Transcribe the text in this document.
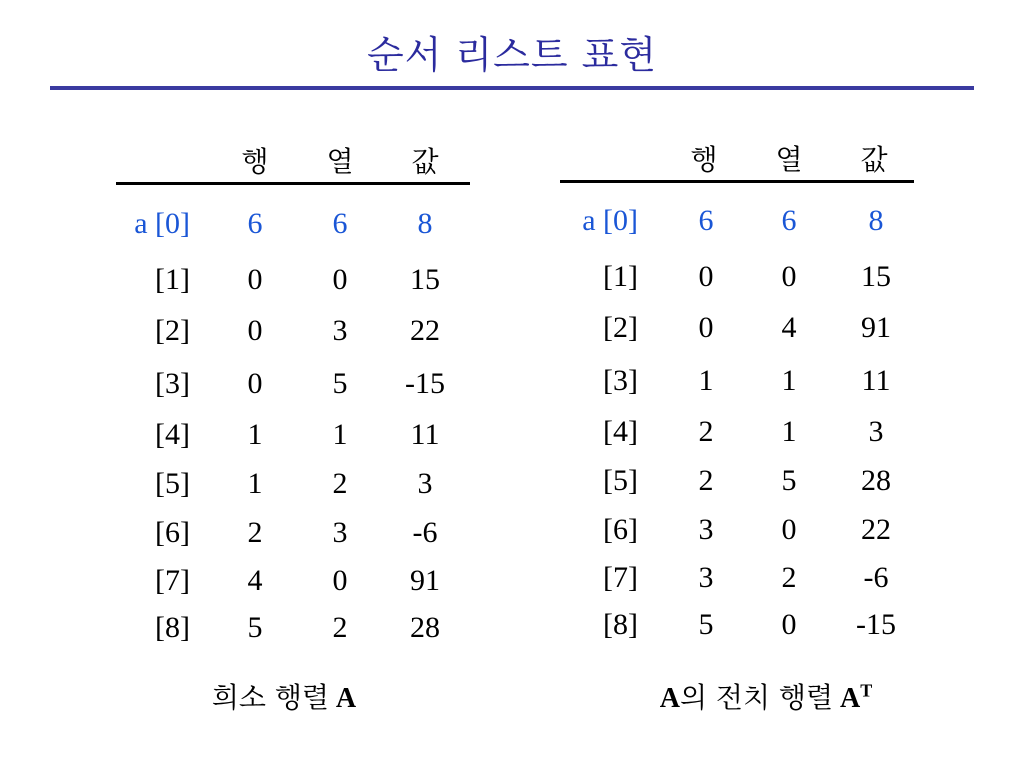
순서 리스트 표현
행 열 값
a [0] 6 6 8
[1] 0 0 15
[2] 0 3 22
[3] 0 5 -15
[4] 1 1 11
[5] 1 2 3
[6] 2 3 -6
[7] 4 0 91
[8] 5 2 28
희소 행렬 A
행 열 값
a [0] 6 6 8
[1] 0 0 15
[2] 0 4 91
[3] 1 1 11
[4] 2 1 3
[5] 2 5 28
[6] 3 0 22
[7] 3 2 -6
[8] 5 0 -15
A의 전치 행렬 $A^T$
